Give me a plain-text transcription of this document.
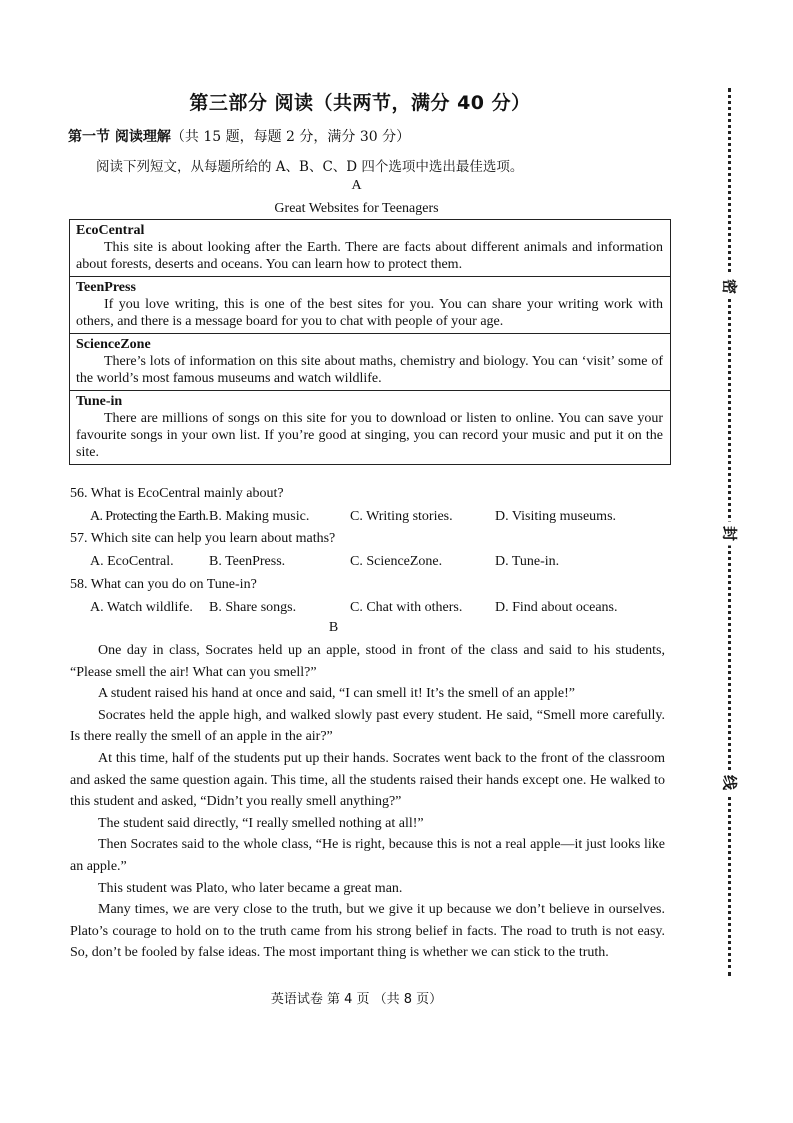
密
封
线
第三部分 阅读（共两节，满分 40 分）
第一节 阅读理解（共 15 题，每题 2 分，满分 30 分）
阅读下列短文，从每题所给的 A、B、C、D 四个选项中选出最佳选项。
A
Great Websites for Teenagers
EcoCentral
This site is about looking after the Earth. There are facts about different animals and information about forests, deserts and oceans. You can learn how to protect them.

TeenPress
If you love writing, this is one of the best sites for you. You can share your writing work with others, and there is a message board for you to chat with people of your age.

ScienceZone
There’s lots of information on this site about maths, chemistry and biology. You can ‘visit’ some of the world’s most famous museums and watch wildlife.

Tune-in
There are millions of songs on this site for you to download or listen to online. You can save your favourite songs in your own list. If you’re good at singing, you can record your music and put it on the site.
56. What is EcoCentral mainly about?
A. Protecting the Earth. B. Making music.	C. Writing stories.	D. Visiting museums.
57. Which site can help you learn about maths?
A. EcoCentral.	B. TeenPress.	C. ScienceZone.	D. Tune-in.
58. What can you do on Tune-in?
A. Watch wildlife. B. Share songs.	C. Chat with others. D. Find about oceans.
B

One day in class, Socrates held up an apple, stood in front of the class and said to his students, “Please smell the air! What can you smell?”

A student raised his hand at once and said, “I can smell it! It’s the smell of an apple!”

Socrates held the apple high, and walked slowly past every student. He said, “Smell more carefully. Is there really the smell of an apple in the air?”

At this time, half of the students put up their hands. Socrates went back to the front of the classroom and asked the same question again. This time, all the students raised their hands except one. He walked to this student and asked, “Didn’t you really smell anything?”

The student said directly, “I really smelled nothing at all!”

Then Socrates said to the whole class, “He is right, because this is not a real apple—it just looks like an apple.”

This student was Plato, who later became a great man.

Many times, we are very close to the truth, but we give it up because we don’t believe in ourselves. Plato’s courage to hold on to the truth came from his strong belief in facts. The road to truth is not easy. So, don’t be fooled by false ideas. The most important thing is whether we can stick to the truth.

英语试卷 第 4 页 （共 8 页）
